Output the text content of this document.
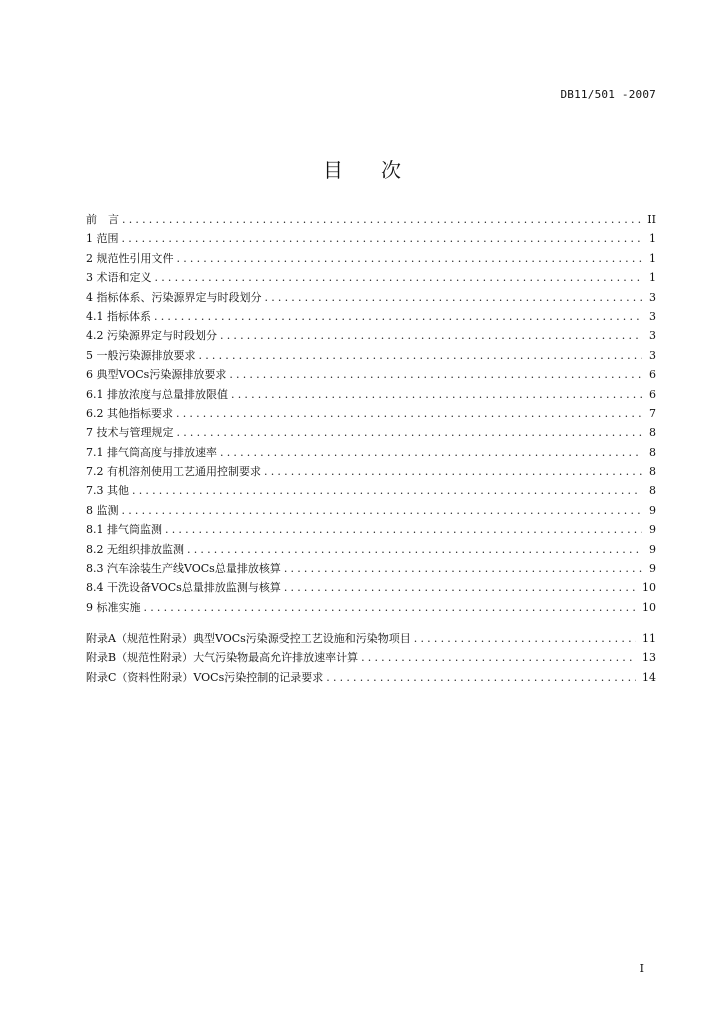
DB11/501 -2007
目次
前　言 .....	II
1 范围 .....	1
2 规范性引用文件 .....	1
3 术语和定义 .....	1
4 指标体系、污染源界定与时段划分 .....	3
4.1 指标体系 .....	3
4.2 污染源界定与时段划分 .....	3
5 一般污染源排放要求 .....	3
6 典型VOCs污染源排放要求 .....	6
6.1 排放浓度与总量排放限值 .....	6
6.2 其他指标要求 .....	7
7 技术与管理规定 .....	8
7.1 排气筒高度与排放速率 .....	8
7.2 有机溶剂使用工艺通用控制要求 .....	8
7.3 其他 .....	8
8 监测 .....	9
8.1 排气筒监测 .....	9
8.2 无组织排放监测 .....	9
8.3 汽车涂装生产线VOCs总量排放核算 .....	9
8.4 干洗设备VOCs总量排放监测与核算 .....	10
9 标准实施 .....	10
附录A（规范性附录）典型VOCs污染源受控工艺设施和污染物项目 .....	11
附录B（规范性附录）大气污染物最高允许排放速率计算 .....	13
附录C（资料性附录）VOCs污染控制的记录要求 .....	14
I
